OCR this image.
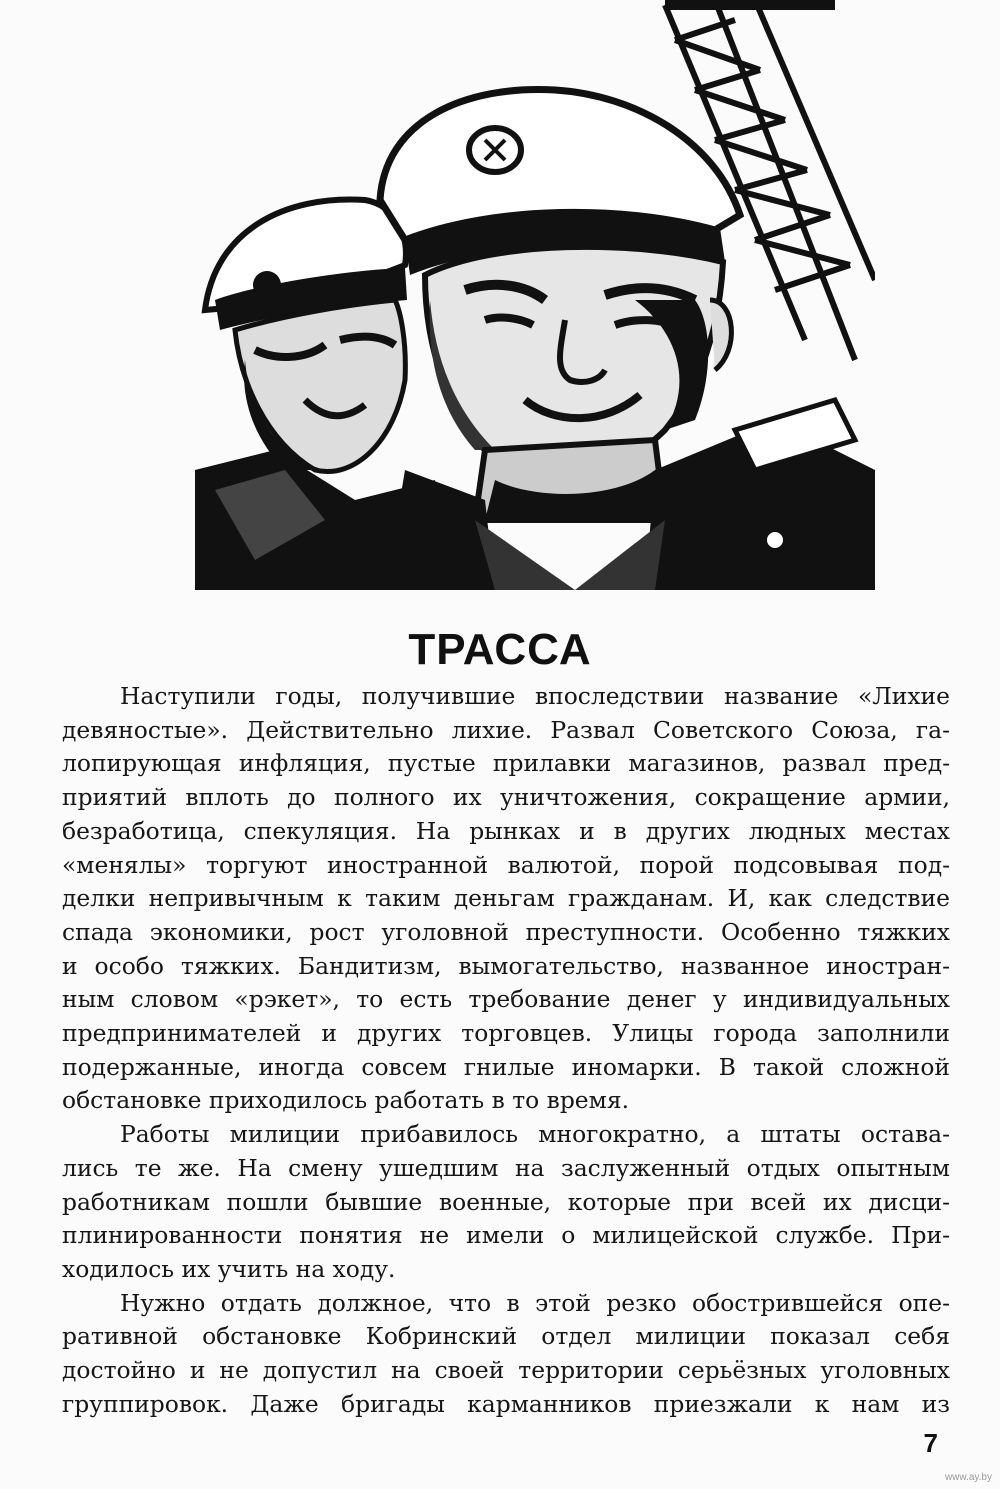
ТРАССА

Наступили годы, получившие впоследствии название «Лихие
девяностые». Действительно лихие. Развал Советского Союза, га-
лопирующая инфляция, пустые прилавки магазинов, развал пред-
приятий вплоть до полного их уничтожения, сокращение армии,
безработица, спекуляция. На рынках и в других людных местах
«менялы» торгуют иностранной валютой, порой подсовывая под-
делки непривычным к таким деньгам гражданам. И, как следствие
спада экономики, рост уголовной преступности. Особенно тяжких
и особо тяжких. Бандитизм, вымогательство, названное иностран-
ным словом «рэкет», то есть требование денег у индивидуальных
предпринимателей и других торговцев. Улицы города заполнили
подержанные, иногда совсем гнилые иномарки. В такой сложной
обстановке приходилось работать в то время.

Работы милиции прибавилось многократно, а штаты остава-
лись те же. На смену ушедшим на заслуженный отдых опытным
работникам пошли бывшие военные, которые при всей их дисци-
плинированности понятия не имели о милицейской службе. При-
ходилось их учить на ходу.

Нужно отдать должное, что в этой резко обострившейся опе-
ративной обстановке Кобринский отдел милиции показал себя
достойно и не допустил на своей территории серьёзных уголовных
группировок. Даже бригады карманников приезжали к нам из

7
www.ay.by
